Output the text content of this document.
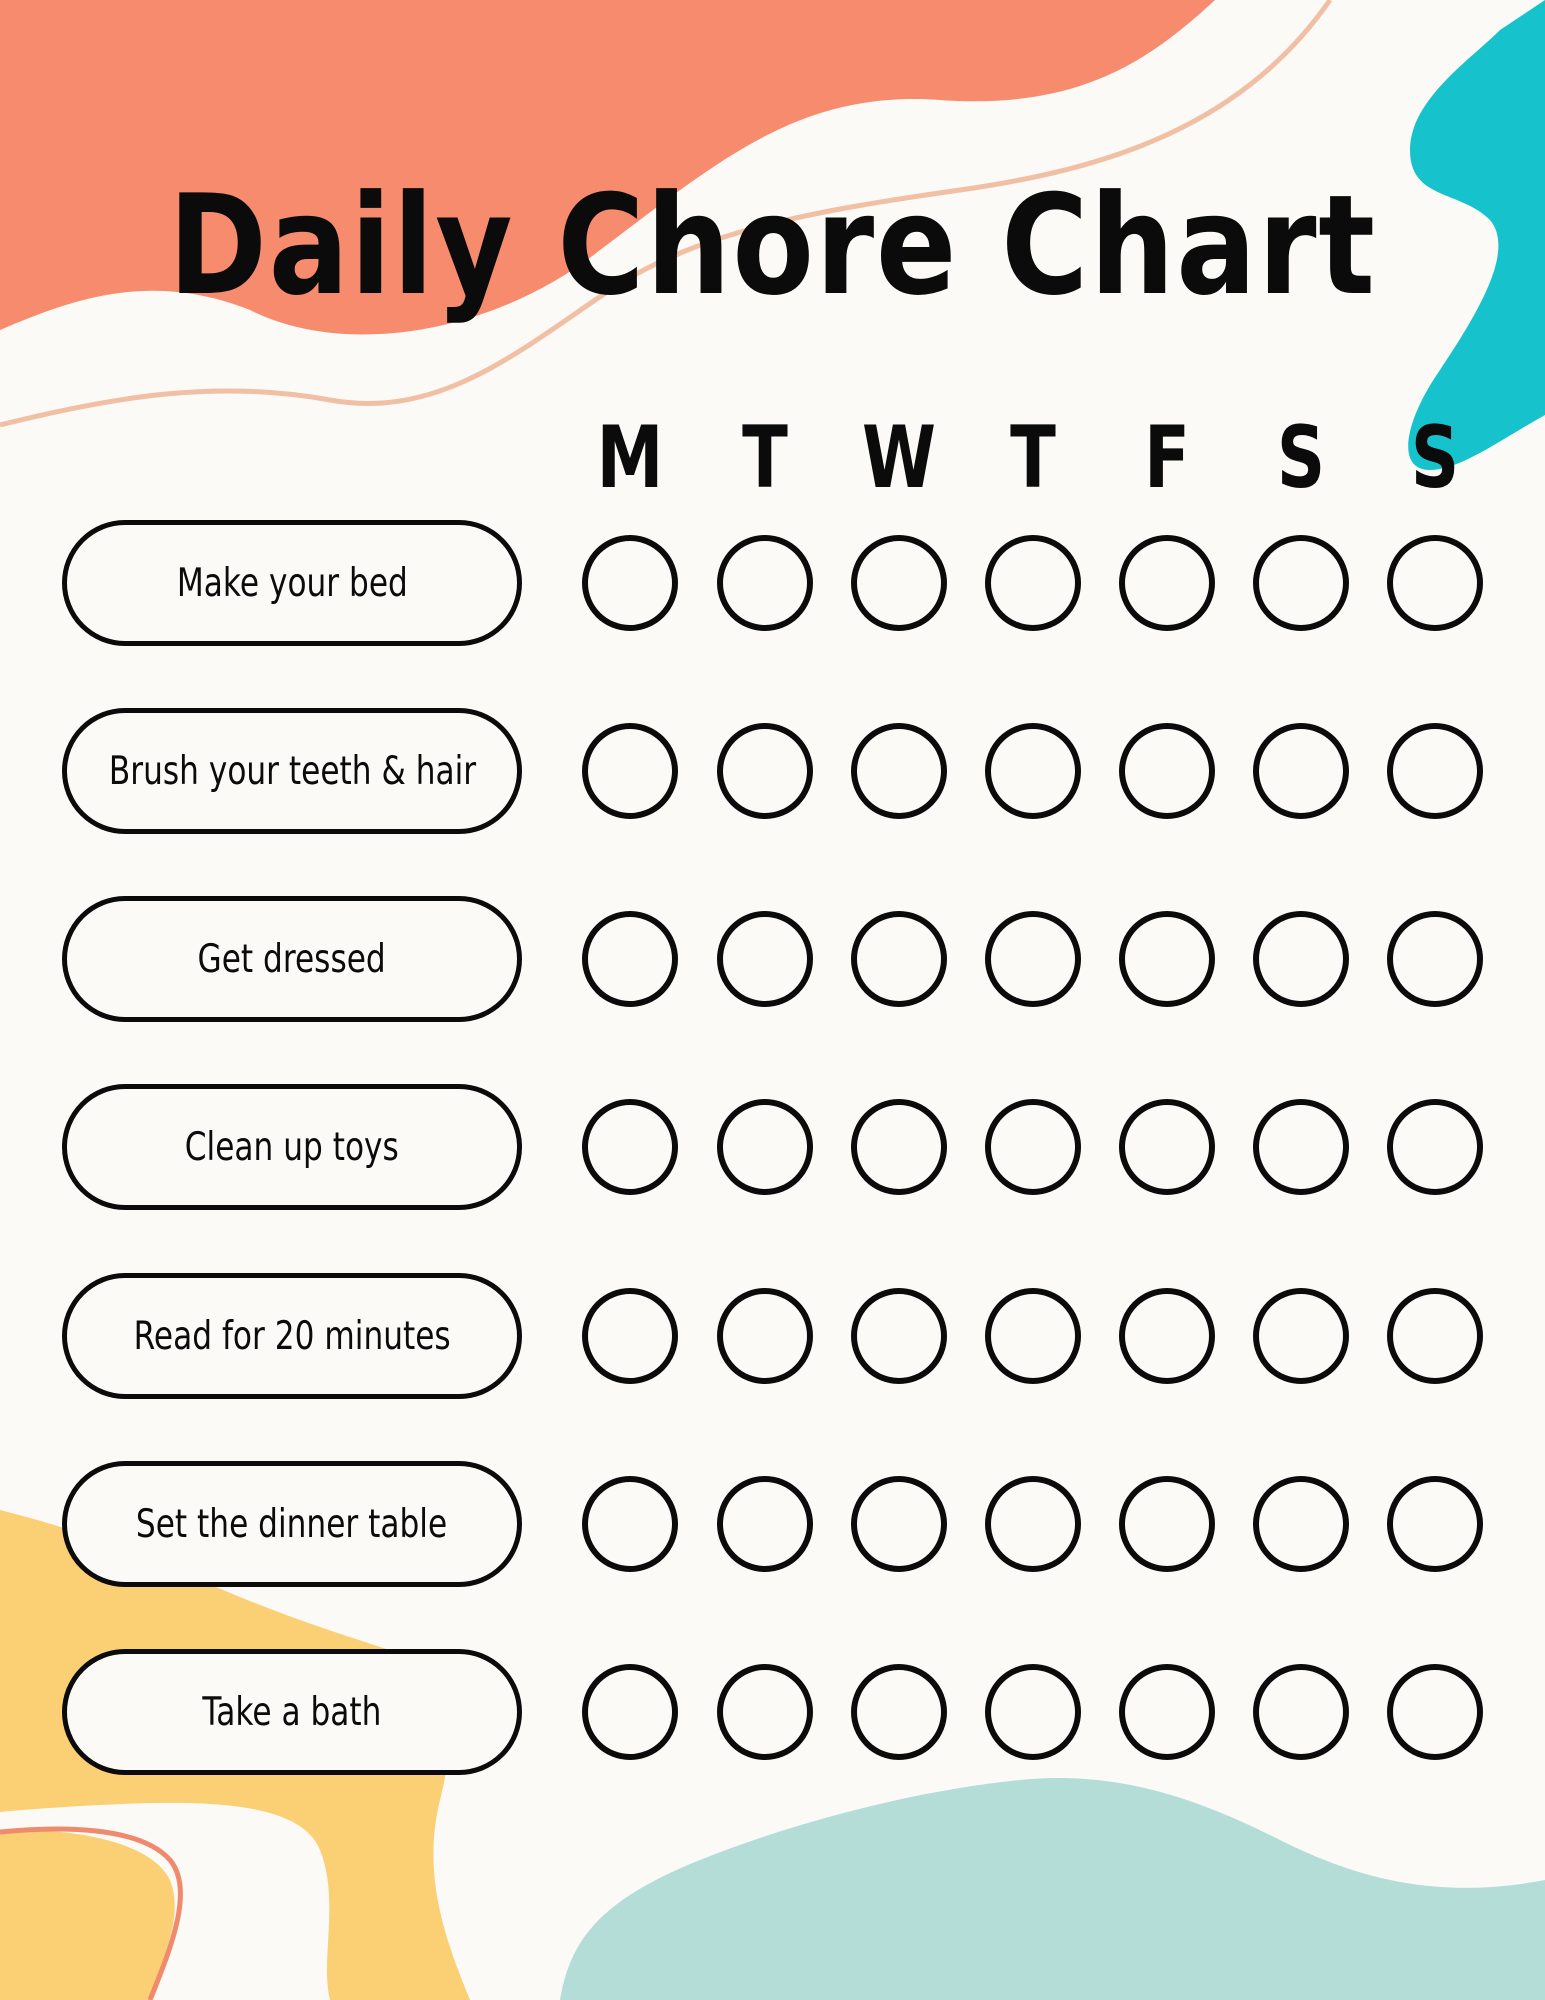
Daily Chore Chart
M T W T F S S
Make your bed
Brush your teeth & hair
Get dressed
Clean up toys
Read for 20 minutes
Set the dinner table
Take a bath
